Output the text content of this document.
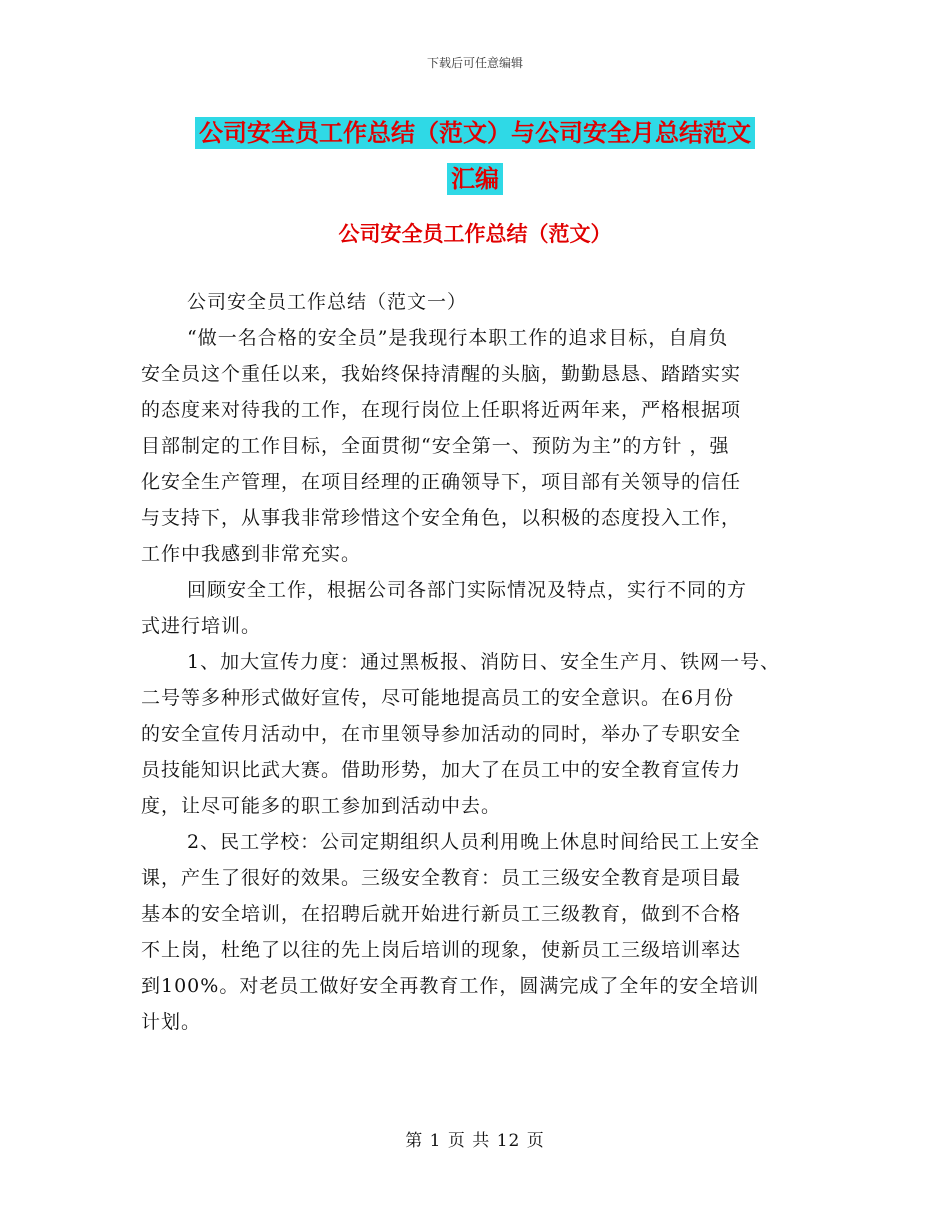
下载后可任意编辑
公司安全员工作总结（范文）与公司安全月总结范文
汇编
公司安全员工作总结（范文）
公司安全员工作总结（范文一）
“做一名合格的安全员”是我现行本职工作的追求目标，自肩负
安全员这个重任以来，我始终保持清醒的头脑，勤勤恳恳、踏踏实实
的态度来对待我的工作，在现行岗位上任职将近两年来，严格根据项
目部制定的工作目标，全面贯彻“安全第一、预防为主”的方针 ，强
化安全生产管理，在项目经理的正确领导下，项目部有关领导的信任
与支持下，从事我非常珍惜这个安全角色，以积极的态度投入工作，
工作中我感到非常充实。
回顾安全工作，根据公司各部门实际情况及特点，实行不同的方
式进行培训。
1、加大宣传力度：通过黑板报、消防日、安全生产月、铁网一号、
二号等多种形式做好宣传，尽可能地提高员工的安全意识。在6月份
的安全宣传月活动中，在市里领导参加活动的同时，举办了专职安全
员技能知识比武大赛。借助形势，加大了在员工中的安全教育宣传力
度，让尽可能多的职工参加到活动中去。
2、民工学校：公司定期组织人员利用晚上休息时间给民工上安全
课，产生了很好的效果。三级安全教育：员工三级安全教育是项目最
基本的安全培训，在招聘后就开始进行新员工三级教育，做到不合格
不上岗，杜绝了以往的先上岗后培训的现象，使新员工三级培训率达
到100%。对老员工做好安全再教育工作，圆满完成了全年的安全培训
计划。
第 1 页 共 12 页
